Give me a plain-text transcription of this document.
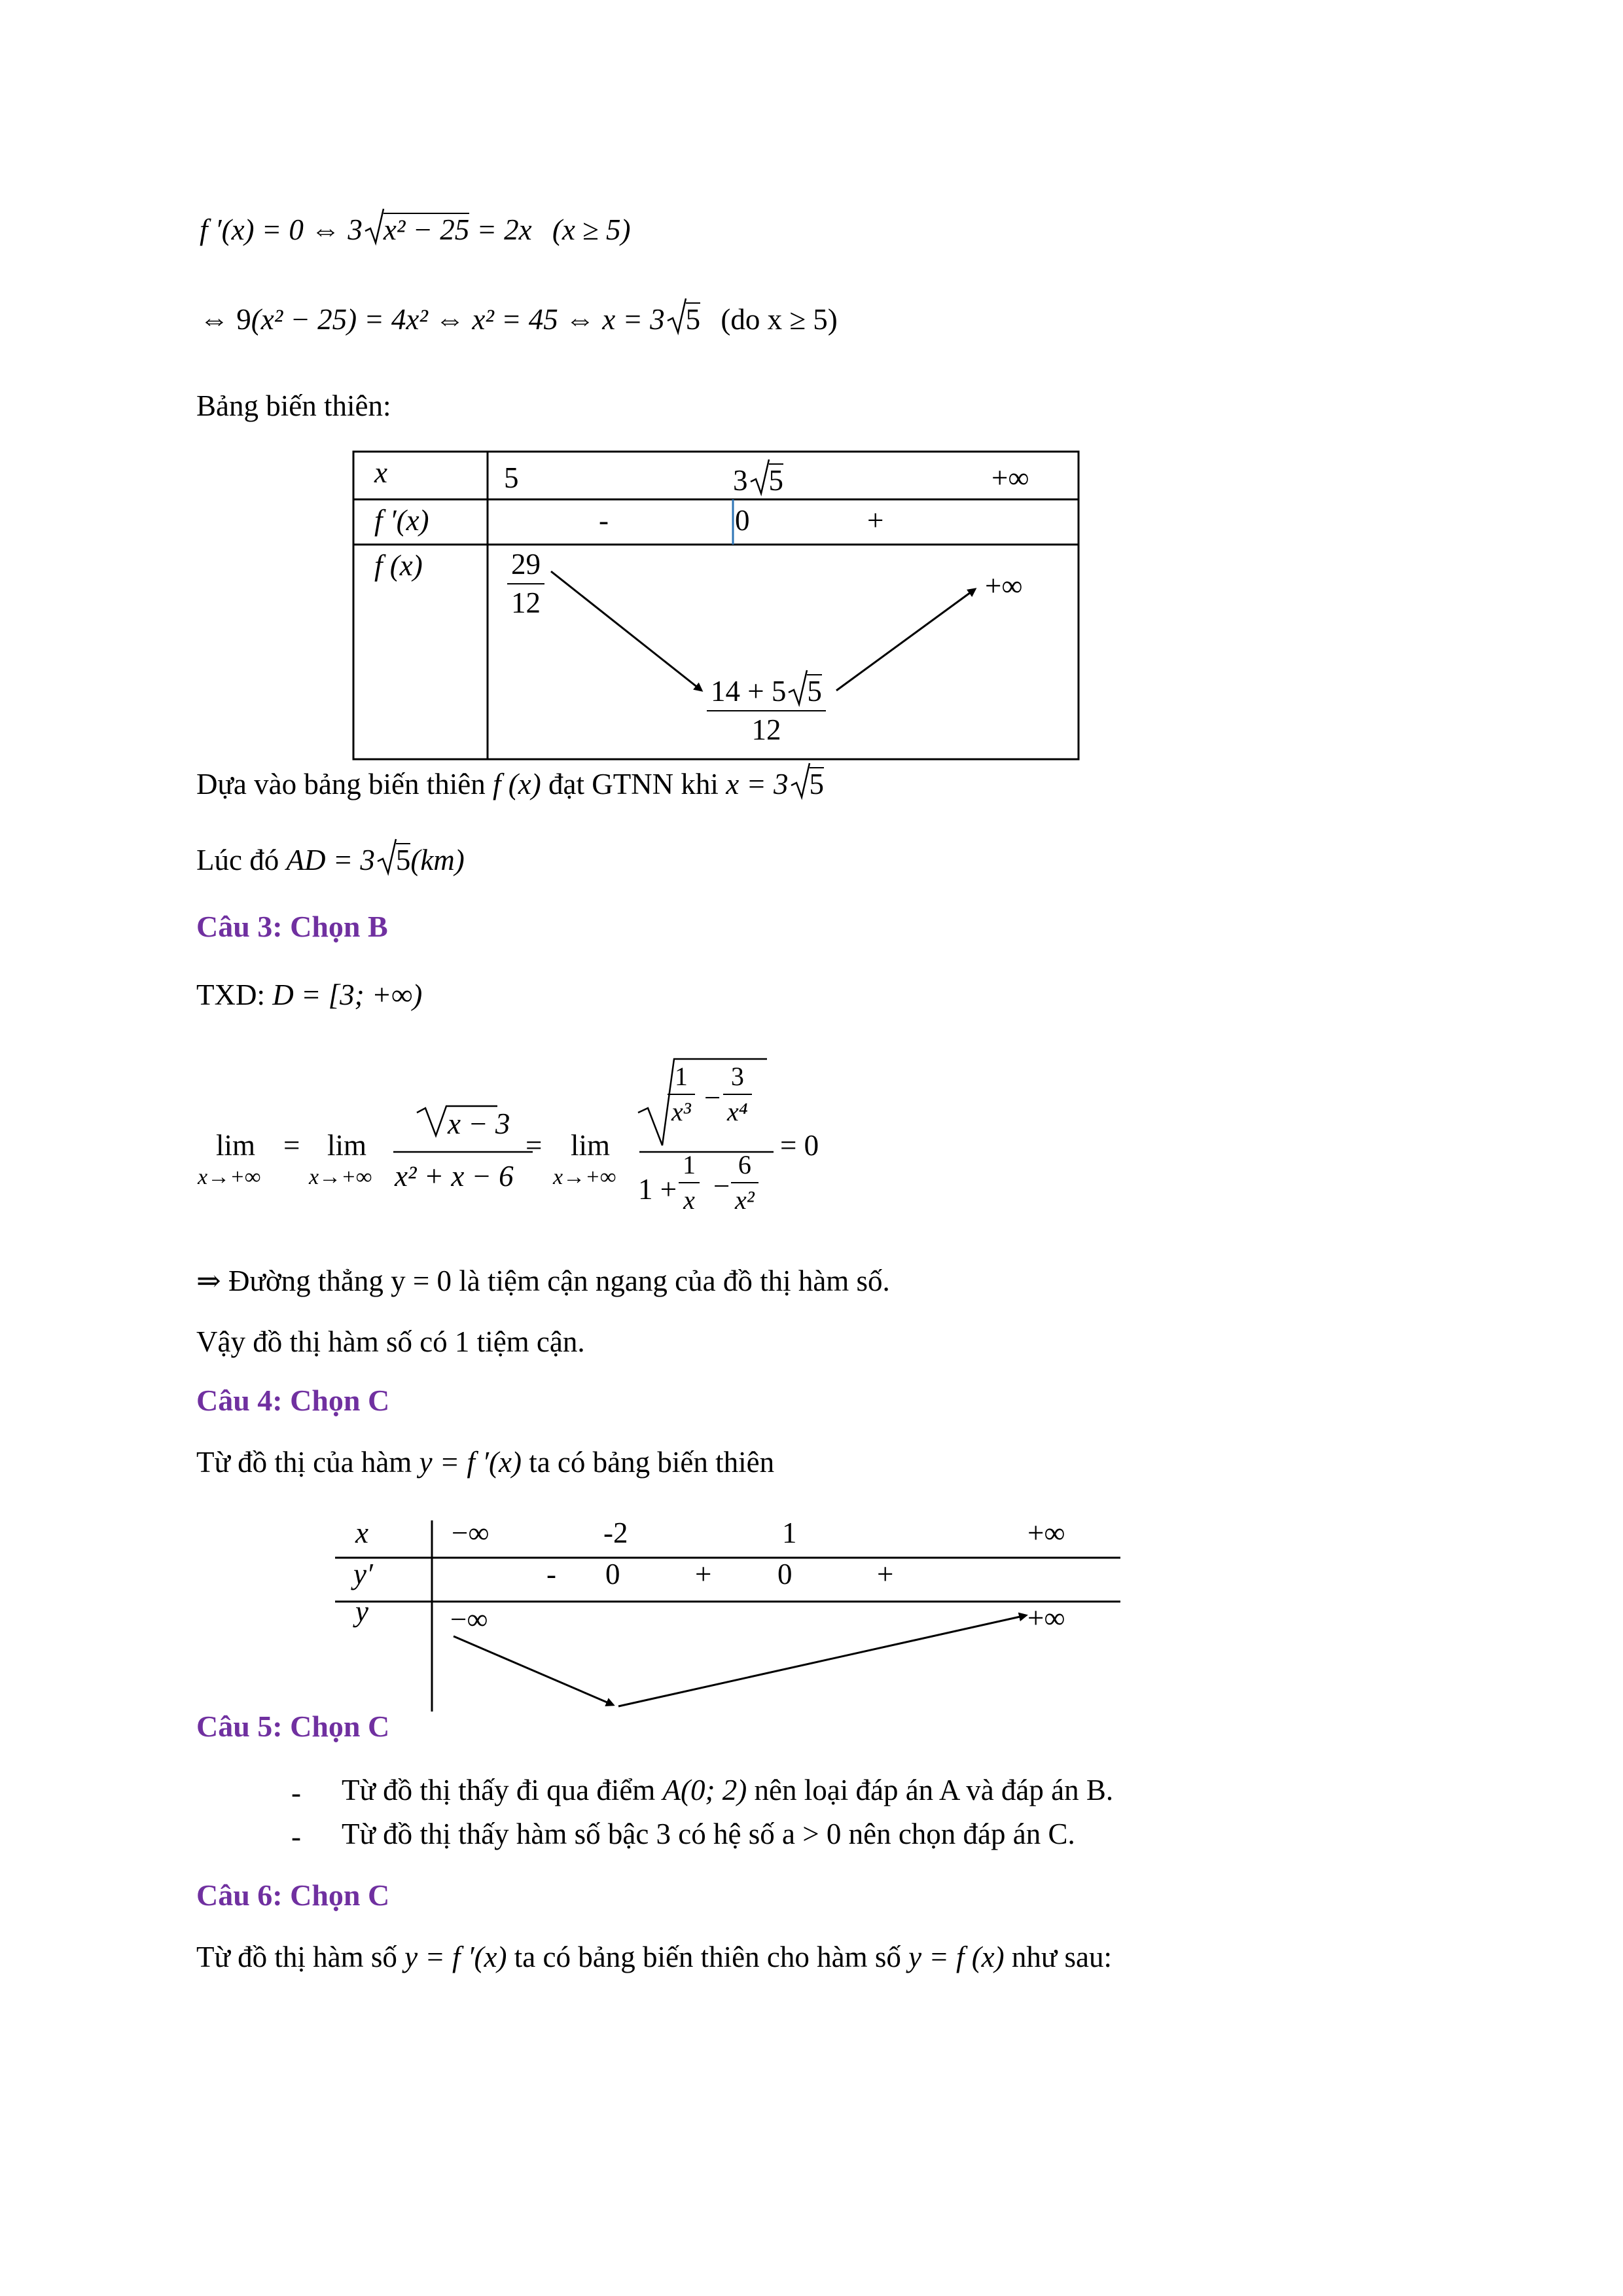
f ′(x) = 0 ⇔ 3 x² − 25 = 2x (x ≥ 5)
⇔ 9(x² − 25) = 4x² ⇔ x² = 45 ⇔ x = 3 5 (do x ≥ 5)
Bảng biến thiên:
x	5	3 5	+∞
f ′(x)	-	0	+
f (x)	$\frac{29}{12}$	+∞
$\frac{14 + 5 5}{12}$
Dựa vào bảng biến thiên f (x) đạt GTNN khi x = 3 5
Lúc đó AD = 3 5(km)
Câu 3: Chọn B
TXD: D = [3; +∞)
lim
x→+∞
= lim
x→+∞
x − 3
x² + x − 6
= lim
x→+∞
$\frac{1}{\text{x³}} - \frac{3}{\text{x⁴}}$
$1 + \frac{1}{x} - \frac{6}{\text{x²}}$
= 0
⇒ Đường thẳng y = 0 là tiệm cận ngang của đồ thị hàm số.
Vậy đồ thị hàm số có 1 tiệm cận.
Câu 4: Chọn C
Từ đồ thị của hàm y = f ′(x) ta có bảng biến thiên
x	−∞	-2	1	+∞
y′	- 0	+ 0	+
y	−∞	+∞
Câu 5: Chọn C
- Từ đồ thị thấy đi qua điểm A(0; 2) nên loại đáp án A và đáp án B.
- Từ đồ thị thấy hàm số bậc 3 có hệ số a > 0 nên chọn đáp án C.
Câu 6: Chọn C
Từ đồ thị hàm số y = f ′(x) ta có bảng biến thiên cho hàm số y = f (x) như sau:
